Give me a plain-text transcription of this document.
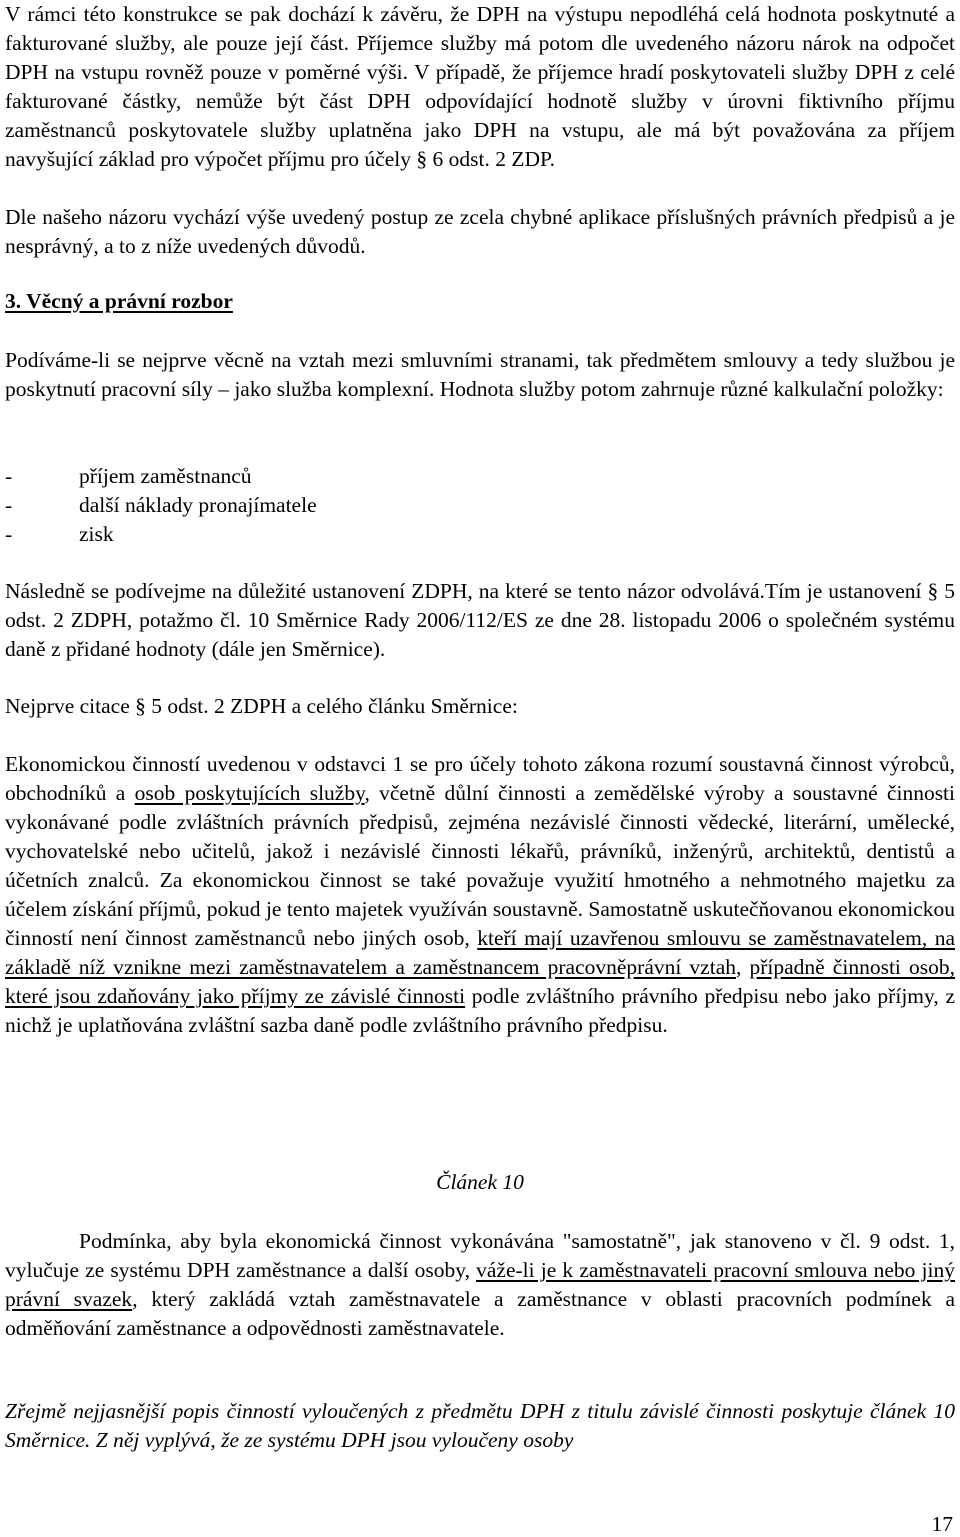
V rámci této konstrukce se pak dochází k závěru, že DPH na výstupu nepodléhá celá hodnota poskytnuté a fakturované služby, ale pouze její část. Příjemce služby má potom dle uvedeného názoru nárok na odpočet DPH na vstupu rovněž pouze v poměrné výši. V případě, že příjemce hradí poskytovateli služby DPH z celé fakturované částky, nemůže být část DPH odpovídající hodnotě služby v úrovni fiktivního příjmu zaměstnanců poskytovatele služby uplatněna jako DPH na vstupu, ale má být považována za příjem navyšující základ pro výpočet příjmu pro účely § 6 odst. 2 ZDP.
Dle našeho názoru vychází výše uvedený postup ze zcela chybné aplikace příslušných právních předpisů a je nesprávný, a to z níže uvedených důvodů.
3. Věcný a právní rozbor
Podíváme-li se nejprve věcně na vztah mezi smluvními stranami, tak předmětem smlouvy a tedy službou je poskytnutí pracovní síly – jako služba komplexní. Hodnota služby potom zahrnuje různé kalkulační položky:
-	příjem zaměstnanců
-	další náklady pronajímatele
-	zisk
Následně se podívejme na důležité ustanovení ZDPH, na které se tento názor odvolává.Tím je ustanovení § 5 odst. 2 ZDPH, potažmo čl. 10 Směrnice Rady 2006/112/ES ze dne 28. listopadu 2006 o společném systému daně z přidané hodnoty (dále jen Směrnice).
Nejprve citace § 5 odst. 2 ZDPH a celého článku Směrnice:
Ekonomickou činností uvedenou v odstavci 1 se pro účely tohoto zákona rozumí soustavná činnost výrobců, obchodníků a osob poskytujících služby, včetně důlní činnosti a zemědělské výroby a soustavné činnosti vykonávané podle zvláštních právních předpisů, zejména nezávislé činnosti vědecké, literární, umělecké, vychovatelské nebo učitelů, jakož i nezávislé činnosti lékařů, právníků, inženýrů, architektů, dentistů a účetních znalců. Za ekonomickou činnost se také považuje využití hmotného a nehmotného majetku za účelem získání příjmů, pokud je tento majetek využíván soustavně. Samostatně uskutečňovanou ekonomickou činností není činnost zaměstnanců nebo jiných osob, kteří mají uzavřenou smlouvu se zaměstnavatelem, na základě níž vznikne mezi zaměstnavatelem a zaměstnancem pracovněprávní vztah, případně činnosti osob, které jsou zdaňovány jako příjmy ze závislé činnosti podle zvláštního právního předpisu nebo jako příjmy, z nichž je uplatňována zvláštní sazba daně podle zvláštního právního předpisu.
Článek 10
Podmínka, aby byla ekonomická činnost vykonávána "samostatně", jak stanoveno v čl. 9 odst. 1, vylučuje ze systému DPH zaměstnance a další osoby, váže-li je k zaměstnavateli pracovní smlouva nebo jiný právní svazek, který zakládá vztah zaměstnavatele a zaměstnance v oblasti pracovních podmínek a odměňování zaměstnance a odpovědnosti zaměstnavatele.
Zřejmě nejjasnější popis činností vyloučených z předmětu DPH z titulu závislé činnosti poskytuje článek 10 Směrnice. Z něj vyplývá, že ze systému DPH jsou vyloučeny osoby
17
